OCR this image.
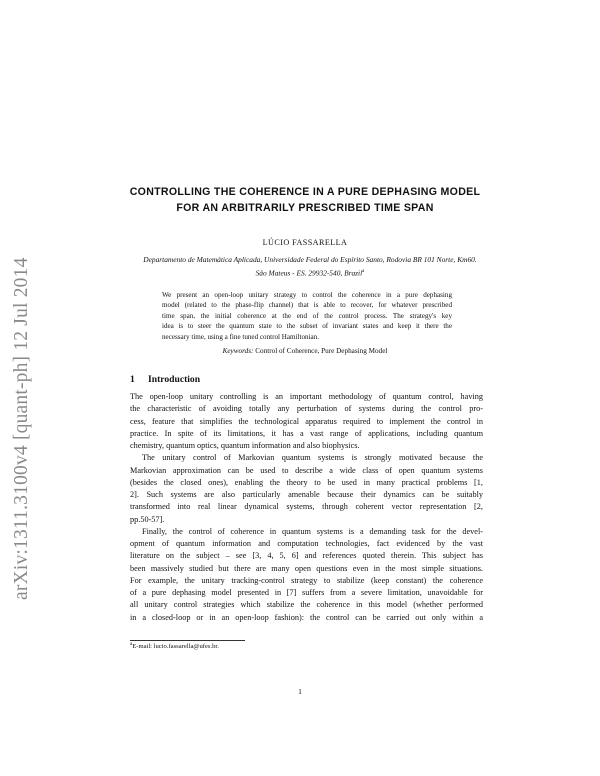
arXiv:1311.3100v4 [quant-ph] 12 Jul 2014
CONTROLLING THE COHERENCE IN A PURE DEPHASING MODEL
FOR AN ARBITRARILY PRESCRIBED TIME SPAN
LÚCIO FASSARELLA
Departamento de Matemática Aplicada, Universidade Federal do Espírito Santo, Rodovia BR 101 Norte, Km60.
São Mateus - ES. 29932-540, Brazil$^a$
We present an open-loop unitary strategy to control the coherence in a pure dephasing
model (related to the phase-flip channel) that is able to recover, for whatever prescribed
time span, the initial coherence at the end of the control process. The strategy's key
idea is to steer the quantum state to the subset of invariant states and keep it there the
necessary time, using a fine tuned control Hamiltonian.
Keywords: Control of Coherence, Pure Dephasing Model
1 Introduction
The open-loop unitary controlling is an important methodology of quantum control, having
the characteristic of avoiding totally any perturbation of systems during the control pro-
cess, feature that simplifies the technological apparatus required to implement the control in
practice. In spite of its limitations, it has a vast range of applications, including quantum
chemistry, quantum optics, quantum information and also biophysics.
The unitary control of Markovian quantum systems is strongly motivated because the
Markovian approximation can be used to describe a wide class of open quantum systems
(besides the closed ones), enabling the theory to be used in many practical problems [1,
2]. Such systems are also particularly amenable because their dynamics can be suitably
transformed into real linear dynamical systems, through coherent vector representation [2,
pp.50-57].
Finally, the control of coherence in quantum systems is a demanding task for the devel-
opment of quantum information and computation technologies, fact evidenced by the vast
literature on the subject – see [3, 4, 5, 6] and references quoted therein. This subject has
been massively studied but there are many open questions even in the most simple situations.
For example, the unitary tracking-control strategy to stabilize (keep constant) the coherence
of a pure dephasing model presented in [7] suffers from a severe limitation, unavoidable for
all unitary control strategies which stabilize the coherence in this model (whether performed
in a closed-loop or in an open-loop fashion): the control can be carried out only within a
$^a$E-mail: lucio.fassarella@ufes.br.
1
